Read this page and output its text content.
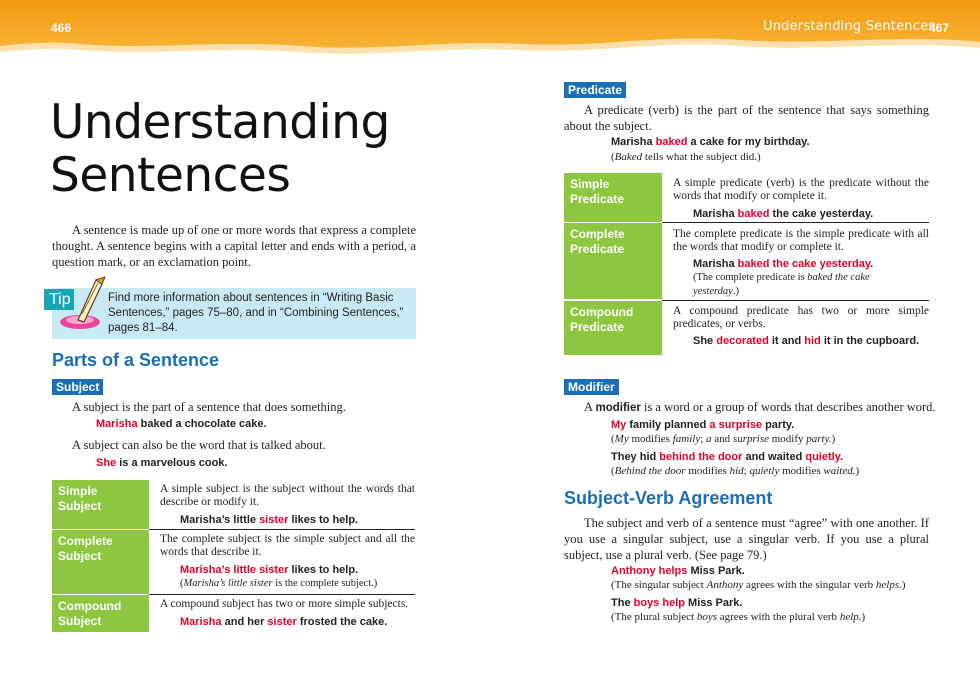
466	Understanding Sentences
467
Understanding
Sentences
A sentence is made up of one or more words that express a complete thought. A sentence begins with a capital letter and ends with a period, a question mark, or an exclamation point.
Tip	Find more information about sentences in “Writing Basic Sentences,” pages 75–80, and in “Combining Sentences,” pages 81–84.
Parts of a Sentence
Subject
A subject is the part of a sentence that does something.
Marisha baked a chocolate cake.
A subject can also be the word that is talked about.
She is a marvelous cook.
Simple Subject
A simple subject is the subject without the words that describe or modify it.
Marisha’s little sister likes to help.
Complete Subject
The complete subject is the simple subject and all the words that describe it.
Marisha’s little sister likes to help.
(Marisha’s little sister is the complete subject.)
Compound Subject
A compound subject has two or more simple subjects.
Marisha and her sister frosted the cake.
Predicate
A predicate (verb) is the part of the sentence that says something about the subject.
Marisha baked a cake for my birthday.
(Baked tells what the subject did.)
Simple Predicate
A simple predicate (verb) is the predicate without the words that modify or complete it.
Marisha baked the cake yesterday.
Complete Predicate
The complete predicate is the simple predicate with all the words that modify or complete it.
Marisha baked the cake yesterday.
(The complete predicate is baked the cake
yesterday.)
Compound Predicate
A compound predicate has two or more simple predicates, or verbs.
She decorated it and hid it in the cupboard.
Modifier
A modifier is a word or a group of words that describes another word.
My family planned a surprise party.
(My modifies family; a and surprise modify party.)
They hid behind the door and waited quietly.
(Behind the door modifies hid; quietly modifies waited.)
Subject-Verb Agreement
The subject and verb of a sentence must “agree” with one another. If you use a singular subject, use a singular verb. If you use a plural subject, use a plural verb. (See page 79.)
Anthony helps Miss Park.
(The singular subject Anthony agrees with the singular verb helps.)
The boys help Miss Park.
(The plural subject boys agrees with the plural verb help.)
